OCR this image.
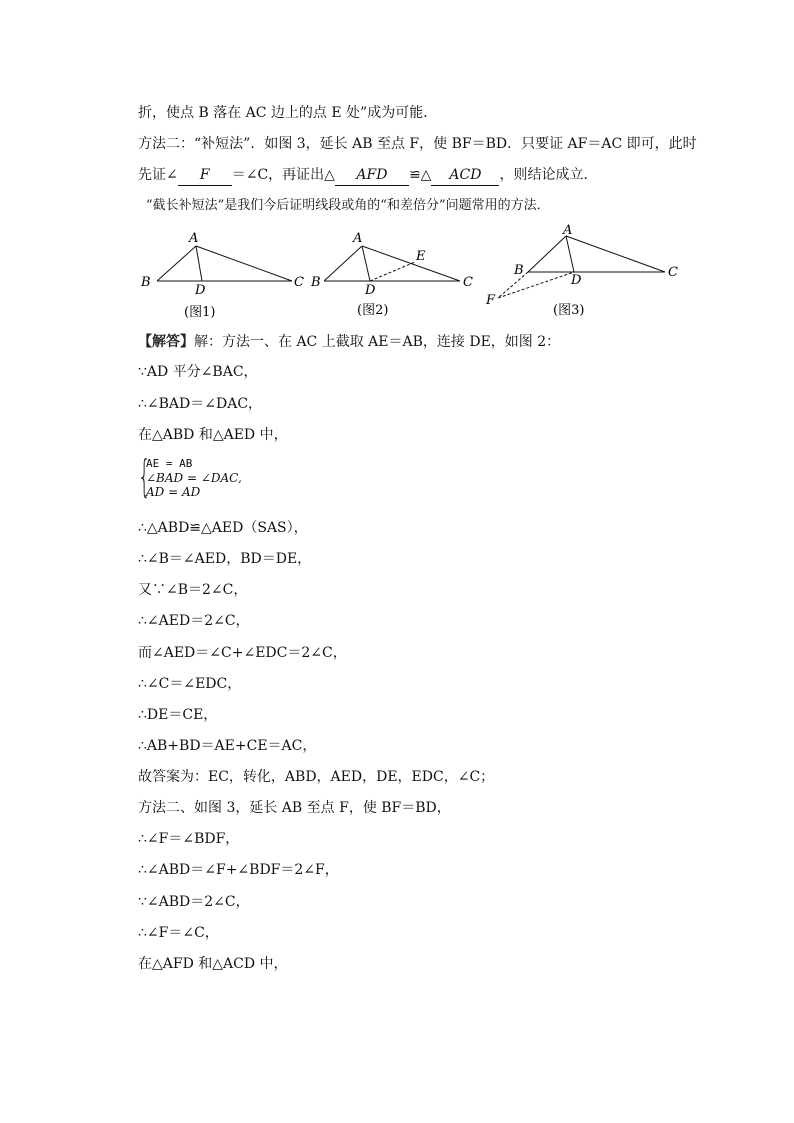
折，使点 B 落在 AC 边上的点 E 处”成为可能．
方法二：“补短法”．如图 3，延长 AB 至点 F，使 BF＝BD．只要证 AF＝AC 即可，此时
先证∠ F ＝∠C，再证出△ AFD ≌△ ACD ，则结论成立．
“截长补短法”是我们今后证明线段或角的“和差倍分”问题常用的方法．
A
B	C
D
(图1)
A
B	C
D
E
(图2)
A
B	C
D
F
(图3)
【解答】解：方法一、在 AC 上截取 AE＝AB，连接 DE，如图 2：
∵AD 平分∠BAC，
∴∠BAD＝∠DAC，
在△ABD 和△AED 中，
{
AE = AB
∠BAD = ∠DAC,
AD = AD
∴△ABD≌△AED（SAS），
∴∠B＝∠AED，BD＝DE，
又∵∠B＝2∠C，
∴∠AED＝2∠C，
而∠AED＝∠C+∠EDC＝2∠C，
∴∠C＝∠EDC，
∴DE＝CE，
∴AB+BD＝AE+CE＝AC，
故答案为：EC，转化，ABD，AED，DE，EDC，∠C；
方法二、如图 3，延长 AB 至点 F，使 BF＝BD，
∴∠F＝∠BDF，
∴∠ABD＝∠F+∠BDF＝2∠F，
∵∠ABD＝2∠C，
∴∠F＝∠C，
在△AFD 和△ACD 中，
